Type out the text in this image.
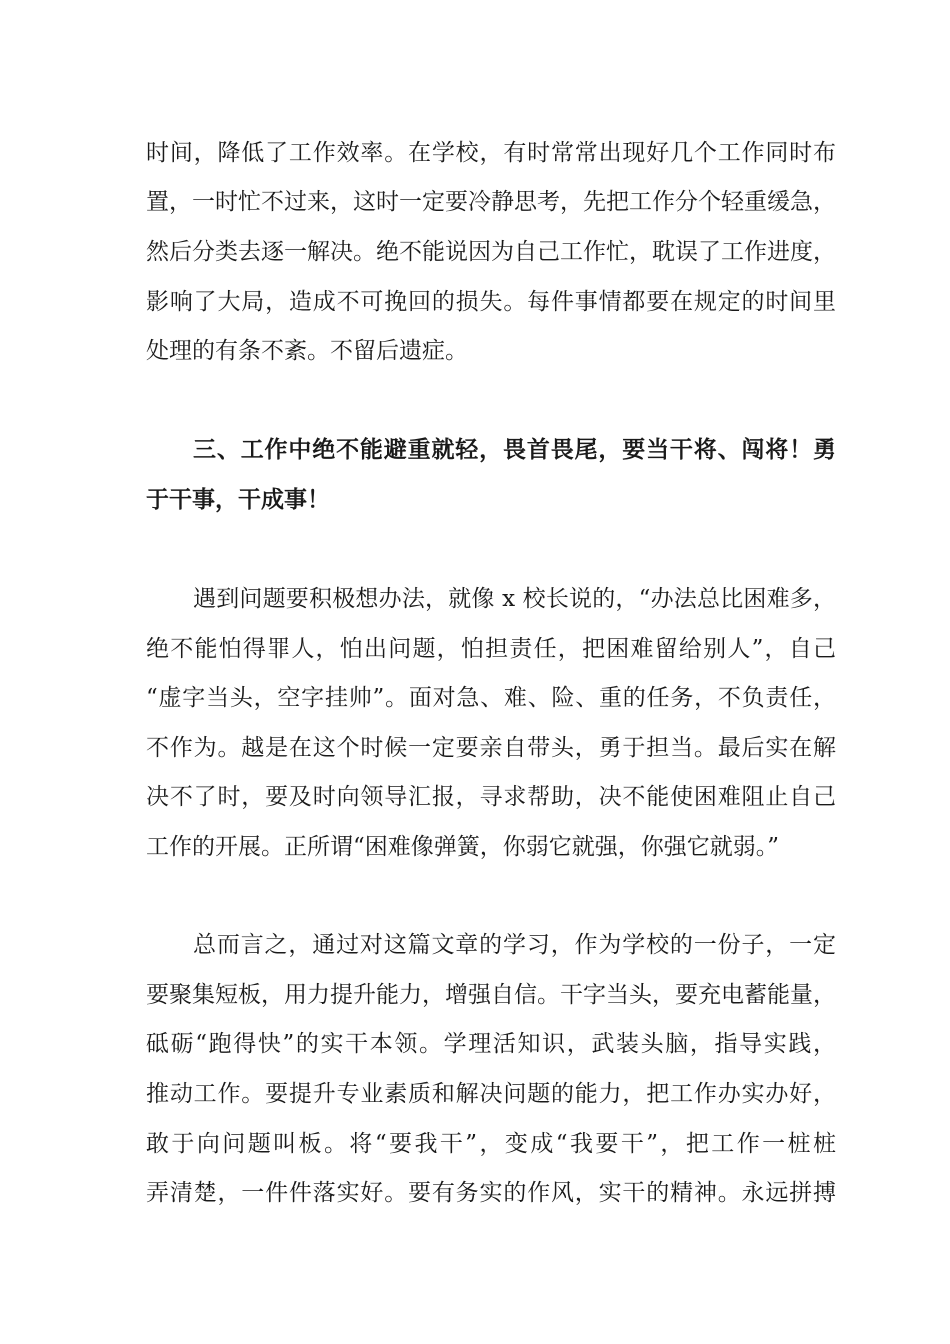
时间，降低了工作效率。在学校，有时常常出现好几个工作同时布
置，一时忙不过来，这时一定要冷静思考，先把工作分个轻重缓急，
然后分类去逐一解决。绝不能说因为自己工作忙，耽误了工作进度，
影响了大局，造成不可挽回的损失。每件事情都要在规定的时间里
处理的有条不紊。不留后遗症。
三、工作中绝不能避重就轻，畏首畏尾，要当干将、闯将！勇
于干事，干成事！
遇到问题要积极想办法，就像 x 校长说的，“办法总比困难多，
绝不能怕得罪人，怕出问题，怕担责任，把困难留给别人”，自己
“虚字当头，空字挂帅”。面对急、难、险、重的任务，不负责任，
不作为。越是在这个时候一定要亲自带头，勇于担当。最后实在解
决不了时，要及时向领导汇报，寻求帮助，决不能使困难阻止自己
工作的开展。正所谓“困难像弹簧，你弱它就强，你强它就弱。”
总而言之，通过对这篇文章的学习，作为学校的一份子，一定
要聚集短板，用力提升能力，增强自信。干字当头，要充电蓄能量，
砥砺“跑得快”的实干本领。学理活知识，武装头脑，指导实践，
推动工作。要提升专业素质和解决问题的能力，把工作办实办好，
敢于向问题叫板。将“要我干”，变成“我要干”，把工作一桩桩
弄清楚，一件件落实好。要有务实的作风，实干的精神。永远拼搏
